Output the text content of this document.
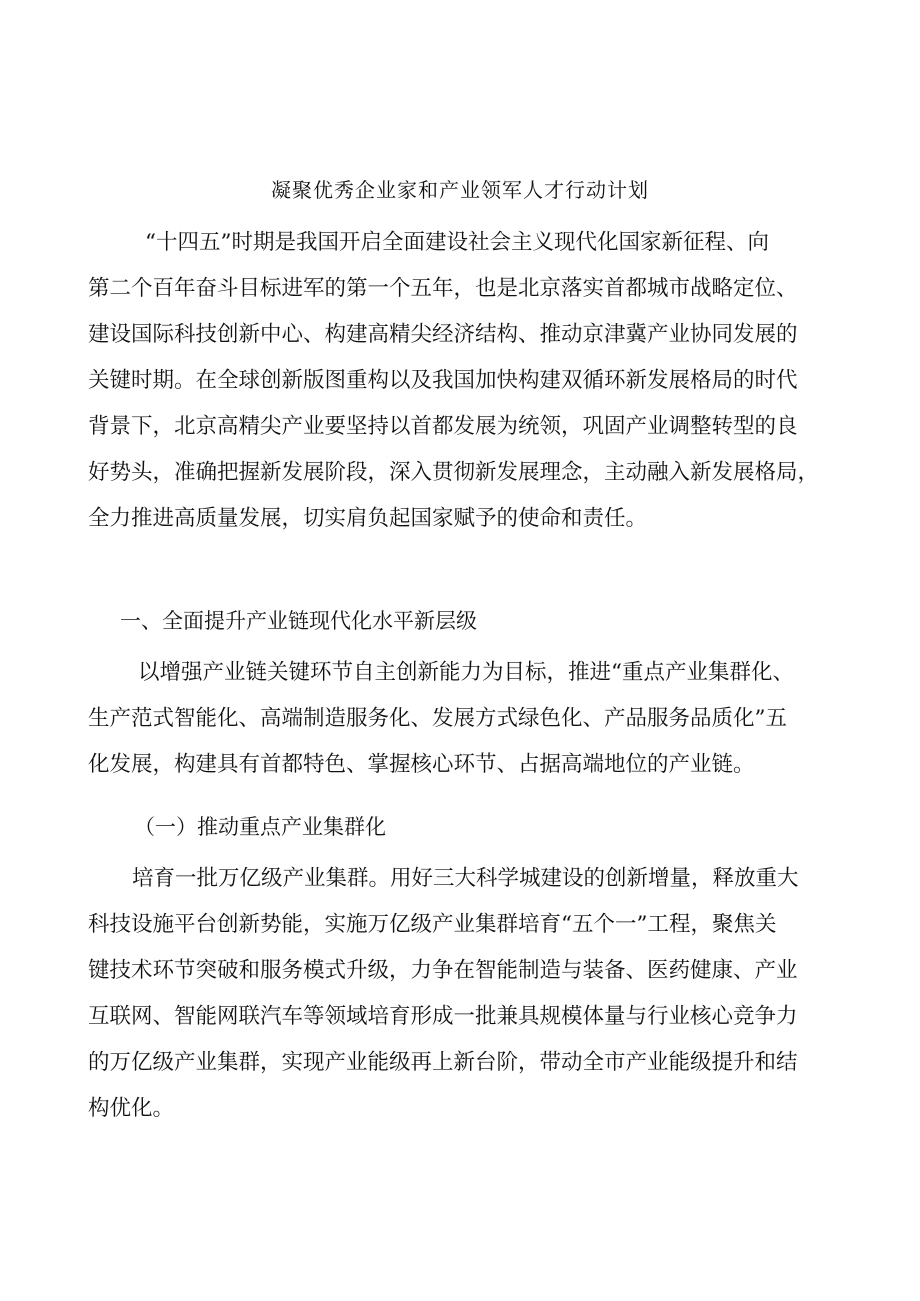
凝聚优秀企业家和产业领军人才行动计划
“十四五”时期是我国开启全面建设社会主义现代化国家新征程、向
第二个百年奋斗目标进军的第一个五年，也是北京落实首都城市战略定位、
建设国际科技创新中心、构建高精尖经济结构、推动京津冀产业协同发展的
关键时期。在全球创新版图重构以及我国加快构建双循环新发展格局的时代
背景下，北京高精尖产业要坚持以首都发展为统领，巩固产业调整转型的良
好势头，准确把握新发展阶段，深入贯彻新发展理念，主动融入新发展格局，
全力推进高质量发展，切实肩负起国家赋予的使命和责任。
一、全面提升产业链现代化水平新层级
以增强产业链关键环节自主创新能力为目标，推进“重点产业集群化、
生产范式智能化、高端制造服务化、发展方式绿色化、产品服务品质化”五
化发展，构建具有首都特色、掌握核心环节、占据高端地位的产业链。
（一）推动重点产业集群化
培育一批万亿级产业集群。用好三大科学城建设的创新增量，释放重大
科技设施平台创新势能，实施万亿级产业集群培育“五个一”工程，聚焦关
键技术环节突破和服务模式升级，力争在智能制造与装备、医药健康、产业
互联网、智能网联汽车等领域培育形成一批兼具规模体量与行业核心竞争力
的万亿级产业集群，实现产业能级再上新台阶，带动全市产业能级提升和结
构优化。
